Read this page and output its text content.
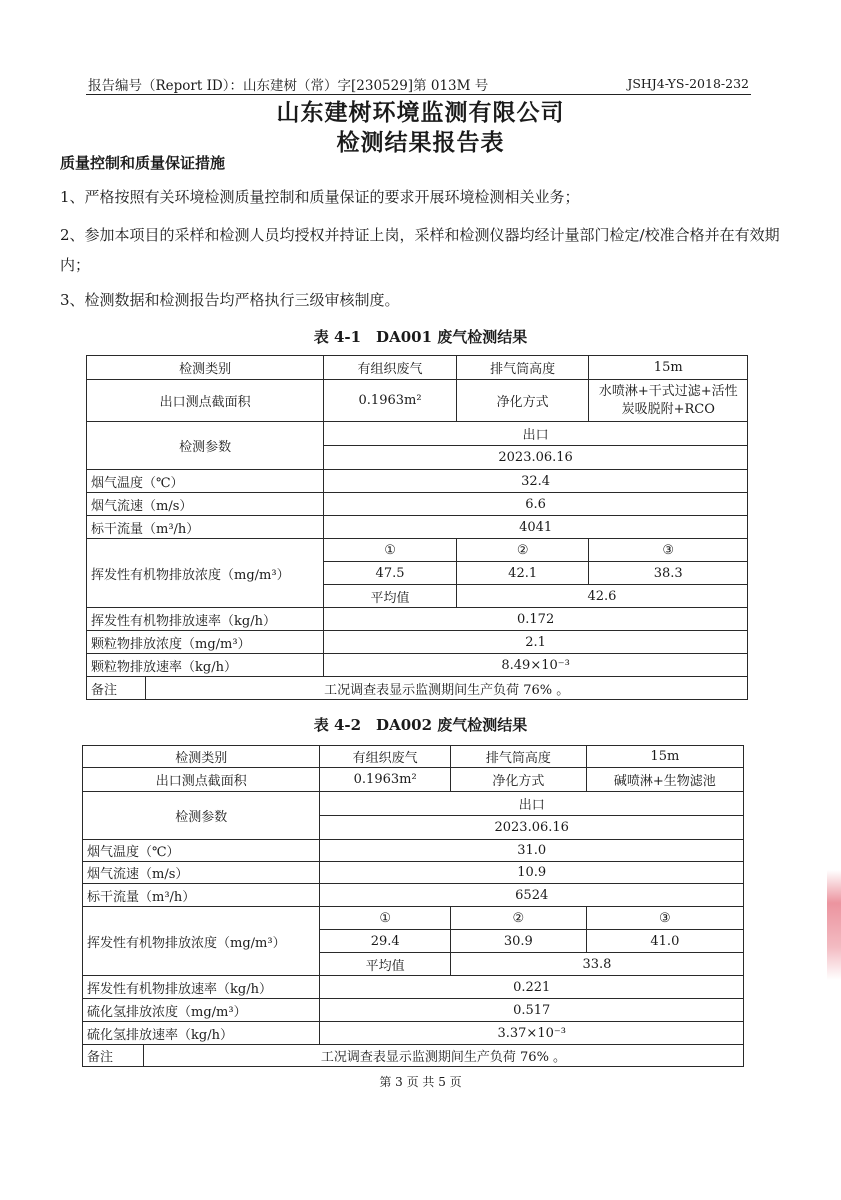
报告编号（Report ID）：山东建树（常）字[230529]第 013M 号	JSHJ4-YS-2018-232
山东建树环境监测有限公司
检测结果报告表
质量控制和质量保证措施
1、严格按照有关环境检测质量控制和质量保证的要求开展环境检测相关业务；
2、参加本项目的采样和检测人员均授权并持证上岗，采样和检测仪器均经计量部门检定/校准合格并在有效期内；
3、检测数据和检测报告均严格执行三级审核制度。
表 4-1　DA001 废气检测结果
检测类别		有组织废气	排气筒高度	15m
出口测点截面积		0.1963m²	净化方式	水喷淋+干式过滤+活性炭吸脱附+RCO
检测参数		出口		
		2023.06.16		
烟气温度（℃）		32.4		
烟气流速（m/s）		6.6		
标干流量（m³/h）		4041		
挥发性有机物排放浓度（mg/m³）		①	②	③
		47.5	42.1	38.3
		平均值	42.6	
挥发性有机物排放速率（kg/h）		0.172		
颗粒物排放浓度（mg/m³）		2.1		
颗粒物排放速率（kg/h）		8.49×10⁻³		
备注	工况调查表显示监测期间生产负荷 76% 。			
表 4-2　DA002 废气检测结果
检测类别		有组织废气	排气筒高度	15m
出口测点截面积		0.1963m²	净化方式	碱喷淋+生物滤池
检测参数		出口		
		2023.06.16		
烟气温度（℃）		31.0		
烟气流速（m/s）		10.9		
标干流量（m³/h）		6524		
挥发性有机物排放浓度（mg/m³）		①	②	③
		29.4	30.9	41.0
		平均值	33.8	
挥发性有机物排放速率（kg/h）		0.221		
硫化氢排放浓度（mg/m³）		0.517		
硫化氢排放速率（kg/h）		3.37×10⁻³		
备注	工况调查表显示监测期间生产负荷 76% 。			
第 3 页 共 5 页
